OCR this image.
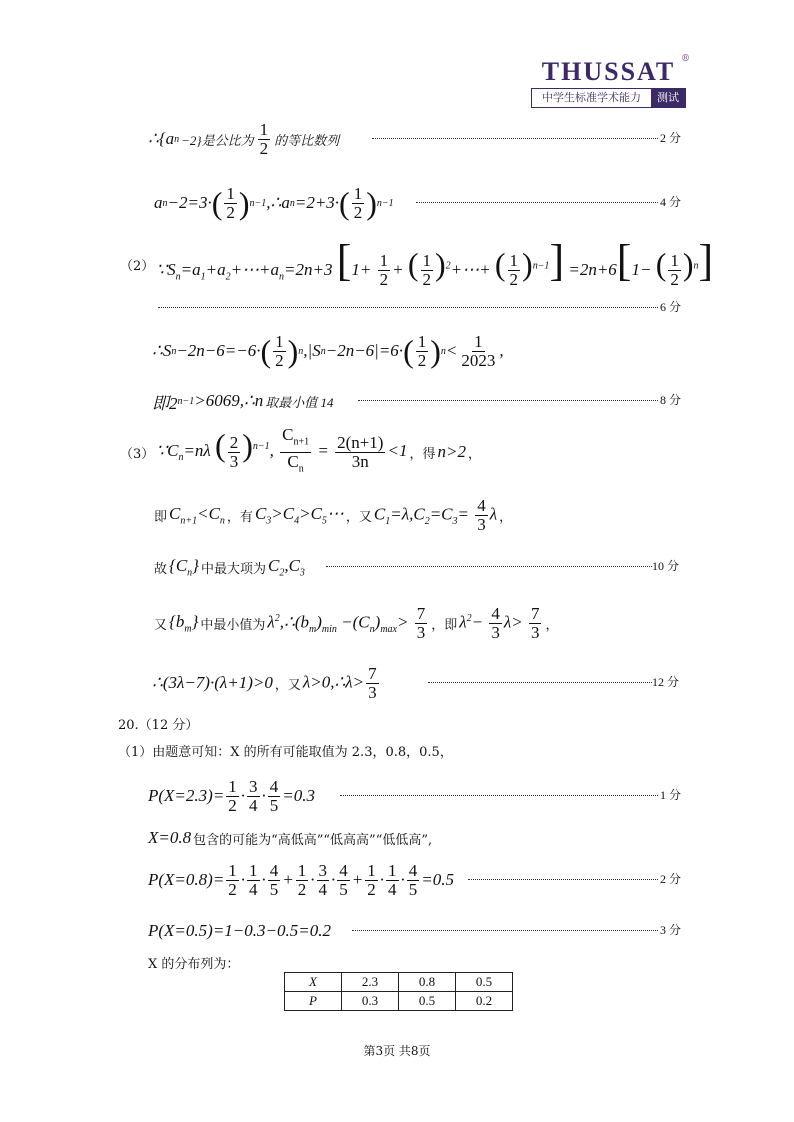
THUSSAT ®
中学生标准学术能力	测试
∴{a n −2}是公比为 $\frac{1}{2}$ 的等比数列	2 分
a n −2=3· ( $\frac{1}{2}$ ) n−1 ,∴a n =2+3· ( $\frac{1}{2}$ ) n−1	4 分
（2） $\because S_n=a_1+a_2+\cdots+a_n=2n+3$ [$1+ \frac{1}{2}$ + ( $\frac{1}{2}$ )$^2$+⋯+ ( $\frac{1}{2} )^{n-1}] =2n+6[1-$ ( $\frac{1}{2} )^n$]
6 分
∴S n −2n−6=−6· ( $\frac{1}{2}$ ) n ,|S n −2n−6|=6· ( $\frac{1}{2}$ ) $n < \frac{1}{2023}$ ,
即2 n−1 >6069,∴n 取最小值 14	8 分
（3） $\because C_n=n\lambda$ ( $\frac{2}{3} )^{n-1}$, $\frac{C_{n+1}}{C_n} = \frac{2(n+1)}{3n} <1$ ，得 n>2 ，
即 $C_{n+1}<C_n$ ，有 $C_3>C_4>C_5\cdots$ ，又 $C_1=\lambda,C_2=C_3= \frac{4}{3}$ λ ，
故 $\{C_n\}$ 中最大项为 $C_2,C_3$	10 分
又 $\{b_m\}$ 中最小值为 $\lambda^2,\therefore(b_m)_{min} -(C_n)_{max}> \frac{7}{3}$ ，即 $\lambda^2- \frac{4}{3} \lambda> \frac{7}{3}$ ，
∴(3λ−7)·(λ+1)>0 ，又 λ>0,∴λ> $\frac{7}{3}$	12 分
20.（12 分）
（1）由题意可知：X 的所有可能取值为 2.3，0.8，0.5，
$P(X=2.3)= \frac{1}{2} \cdot \frac{3}{4} \cdot \frac{4}{5} =0.3$	1 分
X=0.8 包含的可能为“高低高”“低高高”“低低高”,
$P(X=0.8)= \frac{1}{2} \cdot \frac{1}{4} \cdot \frac{4}{5} + \frac{1}{2} \cdot \frac{3}{4} \cdot \frac{4}{5} + \frac{1}{2} \cdot \frac{1}{4} \cdot \frac{4}{5} =0.5$	2 分
P(X=0.5)=1−0.3−0.5=0.2	3 分
X 的分布列为：
X	2.3	0.8	0.5
P	0.3	0.5	0.2
第3页 共8页
